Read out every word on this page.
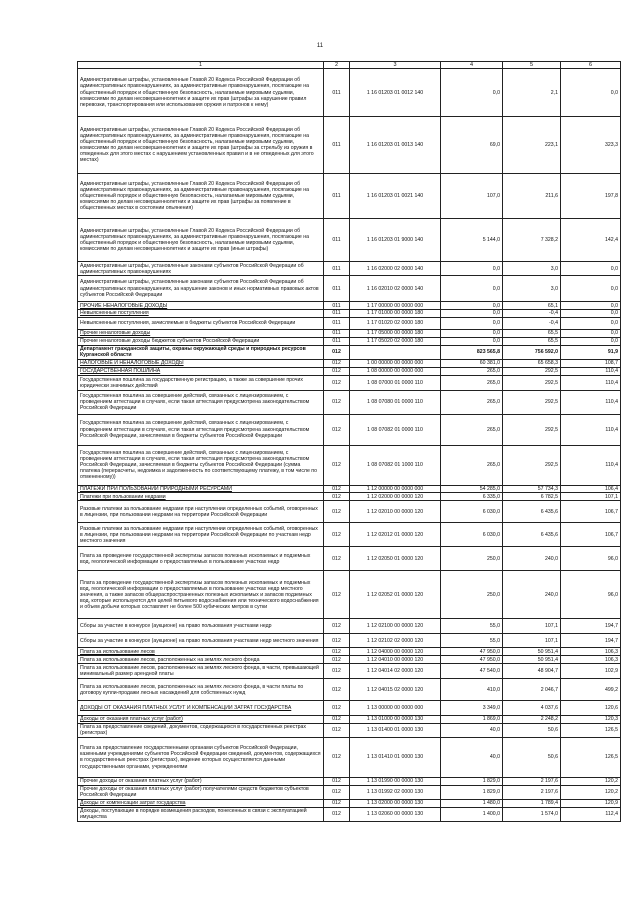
11
1	2	3	4	5	6
Административные штрафы, установленные Главой 20 Кодекса Российской Федерации об административных правонарушениях, за административные правонарушения, посягающие на общественный порядок и общественную безопасность, налагаемые мировыми судьями, комиссиями по делам несовершеннолетних и защите их прав (штрафы за нарушение правил перевозки, транспортирования или использования оружия и патронов к нему)	011	1 16 01203 01 0012 140	0,0	2,1	0,0
Административные штрафы, установленные Главой 20 Кодекса Российской Федерации об административных правонарушениях, за административные правонарушения, посягающие на общественный порядок и общественную безопасность, налагаемые мировыми судьями, комиссиями по делам несовершеннолетних и защите их прав (штрафы за стрельбу из оружия в отведенных для этого местах с нарушением установленных правил и в не отведенных для этого местах)	011	1 16 01203 01 0013 140	69,0	223,1	323,3
Административные штрафы, установленные Главой 20 Кодекса Российской Федерации об административных правонарушениях, за административные правонарушения, посягающие на общественный порядок и общественную безопасность, налагаемые мировыми судьями, комиссиями по делам несовершеннолетних и защите их прав (штрафы за появление в общественных местах в состоянии опьянения)	011	1 16 01203 01 0021 140	107,0	211,6	197,8
Административные штрафы, установленные Главой 20 Кодекса Российской Федерации об административных правонарушениях, за административные правонарушения, посягающие на общественный порядок и общественную безопасность, налагаемые мировыми судьями, комиссиями по делам несовершеннолетних и защите их прав (иные штрафы)	011	1 16 01203 01 9000 140	5 144,0	7 328,2	142,4
Административные штрафы, установленные законами субъектов Российской Федерации об административных правонарушениях	011	1 16 02000 02 0000 140	0,0	3,0	0,0
Административные штрафы, установленные законами субъектов Российской Федерации об административных правонарушениях, за нарушение законов и иных нормативных правовых актов субъектов Российской Федерации	011	1 16 02010 02 0000 140	0,0	3,0	0,0
ПРОЧИЕ НЕНАЛОГОВЫЕ ДОХОДЫ	011	1 17 00000 00 0000 000	0,0	65,1	0,0
Невыясненные поступления	011	1 17 01000 00 0000 180	0,0	-0,4	0,0
Невыясненные поступления, зачисляемые в бюджеты субъектов Российской Федерации	011	1 17 01020 02 0000 180	0,0	-0,4	0,0
Прочие неналоговые доходы	011	1 17 05000 00 0000 180	0,0	65,5	0,0
Прочие неналоговые доходы бюджетов субъектов Российской Федерации	011	1 17 05020 02 0000 180	0,0	65,5	0,0
Департамент гражданской защиты, охраны окружающей среды и природных ресурсов Курганской области	012		823 565,8	756 592,0	91,9
НАЛОГОВЫЕ И НЕНАЛОГОВЫЕ ДОХОДЫ	012	1 00 00000 00 0000 000	60 381,0	65 658,3	108,7
ГОСУДАРСТВЕННАЯ ПОШЛИНА	012	1 08 00000 00 0000 000	265,0	292,5	110,4
Государственная пошлина за государственную регистрацию, а также за совершение прочих юридически значимых действий	012	1 08 07000 01 0000 110	265,0	292,5	110,4
Государственная пошлина за совершение действий, связанных с лицензированием, с проведением аттестации в случаях, если такая аттестация предусмотрена законодательством Российской Федерации	012	1 08 07080 01 0000 110	265,0	292,5	110,4
Государственная пошлина за совершение действий, связанных с лицензированием, с проведением аттестации в случаях, если такая аттестация предусмотрена законодательством Российской Федерации, зачисляемая в бюджеты субъектов Российской Федерации	012	1 08 07082 01 0000 110	265,0	292,5	110,4
Государственная пошлина за совершение действий, связанных с лицензированием, с проведением аттестации в случаях, если такая аттестация предусмотрена законодательством Российской Федерации, зачисляемая в бюджеты субъектов Российской Федерации (сумма платежа (перерасчеты, недоимка и задолженность по соответствующему платежу, в том числе по отмененному))	012	1 08 07082 01 1000 110	265,0	292,5	110,4
ПЛАТЕЖИ ПРИ ПОЛЬЗОВАНИИ ПРИРОДНЫМИ РЕСУРСАМИ	012	1 12 00000 00 0000 000	54 285,0	57 734,3	106,4
Платежи при пользовании недрами	012	1 12 02000 00 0000 120	6 335,0	6 782,5	107,1
Разовые платежи за пользование недрами при наступлении определенных событий, оговоренных в лицензии, при пользовании недрами на территории Российской Федерации	012	1 12 02010 00 0000 120	6 030,0	6 435,6	106,7
Разовые платежи за пользование недрами при наступлении определенных событий, оговоренных в лицензии, при пользовании недрами на территории Российской Федерации по участкам недр местного значения	012	1 12 02012 01 0000 120	6 030,0	6 435,6	106,7
Плата за проведение государственной экспертизы запасов полезных ископаемых и подземных вод, геологической информации о предоставляемых в пользование участках недр	012	1 12 02050 01 0000 120	250,0	240,0	96,0
Плата за проведение государственной экспертизы запасов полезных ископаемых и подземных вод, геологической информации о предоставляемых в пользование участках недр местного значения, а также запасов общераспространенных полезных ископаемых и запасов подземных вод, которые используются для целей питьевого водоснабжения или технического водоснабжения и объем добычи которых составляет не более 500 кубических метров в сутки	012	1 12 02052 01 0000 120	250,0	240,0	96,0
Сборы за участие в конкурсе (аукционе) на право пользования участками недр	012	1 12 02100 00 0000 120	55,0	107,1	194,7
Сборы за участие в конкурсе (аукционе) на право пользования участками недр местного значения	012	1 12 02102 02 0000 120	55,0	107,1	194,7
Плата за использование лесов	012	1 12 04000 00 0000 120	47 950,0	50 951,4	106,3
Плата за использование лесов, расположенных на землях лесного фонда	012	1 12 04010 00 0000 120	47 950,0	50 951,4	106,3
Плата за использование лесов, расположенных на землях лесного фонда, в части, превышающей минимальный размер арендной платы	012	1 12 04014 02 0000 120	47 540,0	48 904,7	102,9
Плата за использование лесов, расположенных на землях лесного фонда, в части платы по договору купли-продажи лесных насаждений для собственных нужд	012	1 12 04015 02 0000 120	410,0	2 046,7	499,2
ДОХОДЫ ОТ ОКАЗАНИЯ ПЛАТНЫХ УСЛУГ И КОМПЕНСАЦИИ ЗАТРАТ ГОСУДАРСТВА	012	1 13 00000 00 0000 000	3 349,0	4 037,6	120,6
Доходы от оказания платных услуг (работ)	012	1 13 01000 00 0000 130	1 869,0	2 248,2	120,3
Плата за предоставление сведений, документов, содержащихся в государственных реестрах (регистрах)	012	1 13 01400 01 0000 130	40,0	50,6	126,5
Плата за предоставление государственными органами субъектов Российской Федерации, казенными учреждениями субъектов Российской Федерации сведений, документов, содержащихся в государственных реестрах (регистрах), ведение которых осуществляется данными государственными органами, учреждениями	012	1 13 01410 01 0000 130	40,0	50,6	126,5
Прочие доходы от оказания платных услуг (работ)	012	1 13 01990 00 0000 130	1 829,0	2 197,6	120,2
Прочие доходы от оказания платных услуг (работ) получателями средств бюджетов субъектов Российской Федерации	012	1 13 01992 02 0000 130	1 829,0	2 197,6	120,2
Доходы от компенсации затрат государства	012	1 13 02000 00 0000 130	1 480,0	1 789,4	120,9
Доходы, поступающие в порядке возмещения расходов, понесенных в связи с эксплуатацией имущества	012	1 13 02060 00 0000 130	1 400,0	1 574,0	112,4
